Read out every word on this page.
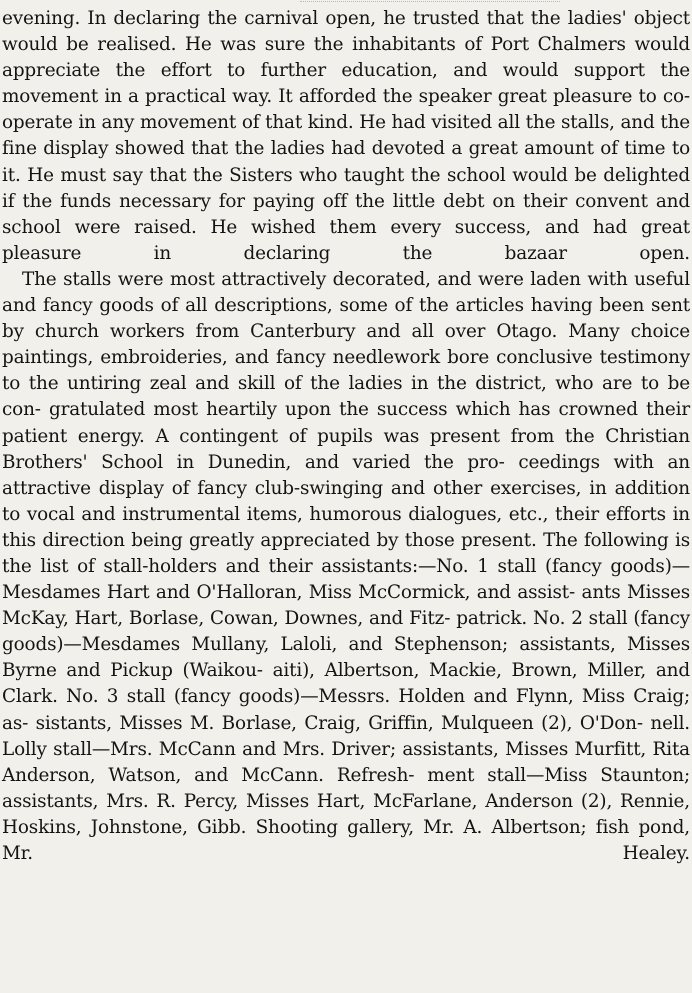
evening. In declaring the carnival open, he trusted that the ladies' object would be realised. He was sure the inhabitants of Port Chalmers would appreciate the effort to further education, and would support the movement in a practical way. It afforded the speaker great pleasure to co-operate in any movement of that kind. He had visited all the stalls, and the fine display showed that the ladies had devoted a great amount of time to it. He must say that the Sisters who taught the school would be delighted if the funds necessary for paying off the little debt on their convent and school were raised. He wished them every success, and had great pleasure in declaring the bazaar open.
The stalls were most attractively decorated, and were laden with useful and fancy goods of all descriptions, some of the articles having been sent by church workers from Canterbury and all over Otago. Many choice paintings, embroideries, and fancy needlework bore conclusive testimony to the untiring zeal and skill of the ladies in the district, who are to be con- gratulated most heartily upon the success which has crowned their patient energy. A contingent of pupils was present from the Christian Brothers' School in Dunedin, and varied the pro- ceedings with an attractive display of fancy club-swinging and other exercises, in addition to vocal and instrumental items, humorous dialogues, etc., their efforts in this direction being greatly appreciated by those present. The following is the list of stall-holders and their assistants:—No. 1 stall (fancy goods)— Mesdames Hart and O'Halloran, Miss McCormick, and assist- ants Misses McKay, Hart, Borlase, Cowan, Downes, and Fitz- patrick. No. 2 stall (fancy goods)—Mesdames Mullany, Laloli, and Stephenson; assistants, Misses Byrne and Pickup (Waikou- aiti), Albertson, Mackie, Brown, Miller, and Clark. No. 3 stall (fancy goods)—Messrs. Holden and Flynn, Miss Craig; as- sistants, Misses M. Borlase, Craig, Griffin, Mulqueen (2), O'Don- nell. Lolly stall—Mrs. McCann and Mrs. Driver; assistants, Misses Murfitt, Rita Anderson, Watson, and McCann. Refresh- ment stall—Miss Staunton; assistants, Mrs. R. Percy, Misses Hart, McFarlane, Anderson (2), Rennie, Hoskins, Johnstone, Gibb. Shooting gallery, Mr. A. Albertson; fish pond, Mr.	Healey.
